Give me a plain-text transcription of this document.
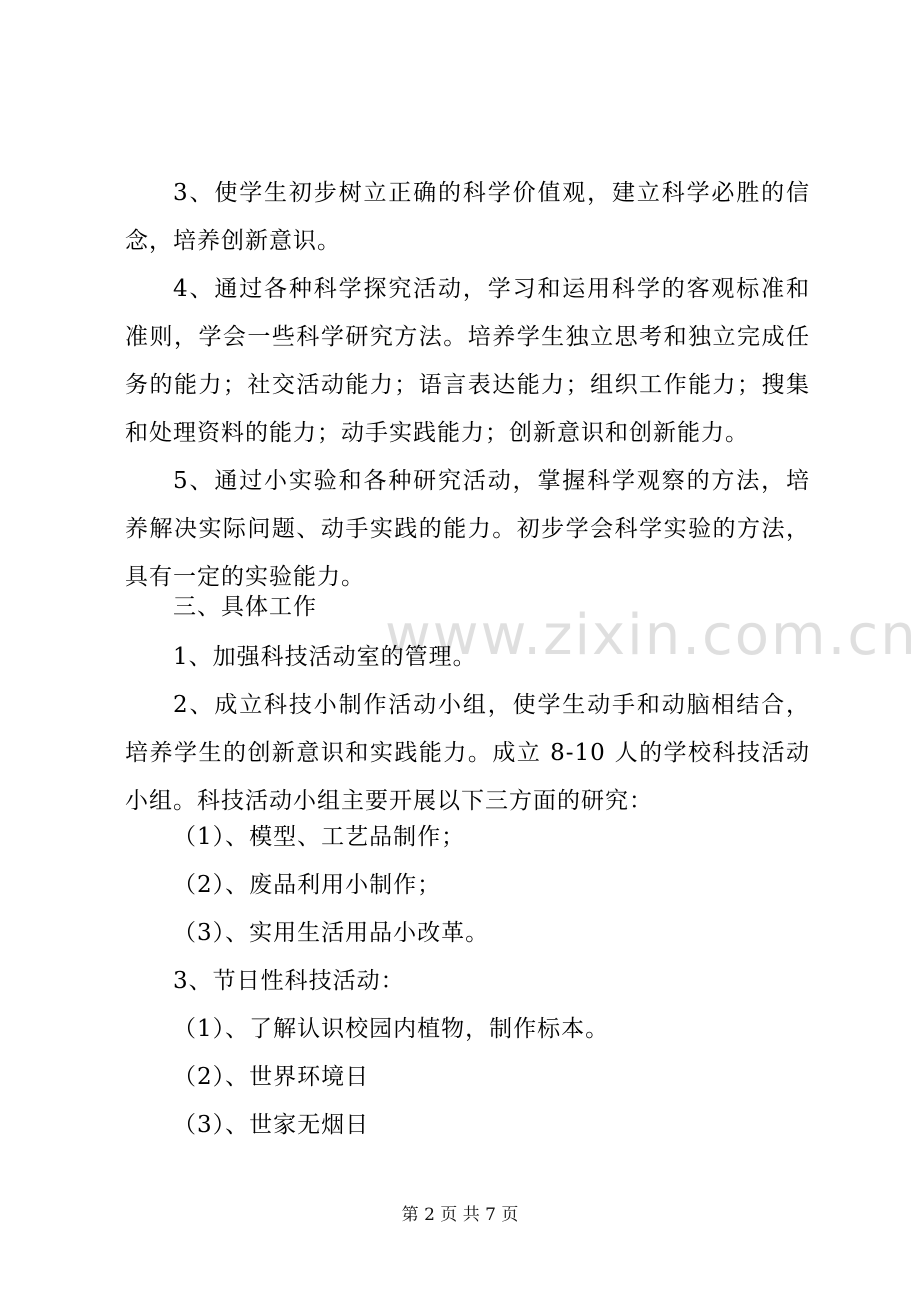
3、使学生初步树立正确的科学价值观，建立科学必胜的信念，培养创新意识。

4、通过各种科学探究活动，学习和运用科学的客观标准和准则，学会一些科学研究方法。培养学生独立思考和独立完成任务的能力；社交活动能力；语言表达能力；组织工作能力；搜集和处理资料的能力；动手实践能力；创新意识和创新能力。

5、通过小实验和各种研究活动，掌握科学观察的方法，培养解决实际问题、动手实践的能力。初步学会科学实验的方法，具有一定的实验能力。

三、具体工作

1、加强科技活动室的管理。

2、成立科技小制作活动小组，使学生动手和动脑相结合，培养学生的创新意识和实践能力。成立 8-10 人的学校科技活动小组。科技活动小组主要开展以下三方面的研究：

（1）、模型、工艺品制作；

（2）、废品利用小制作；

（3）、实用生活用品小改革。

3、节日性科技活动：

（1）、了解认识校园内植物，制作标本。

（2）、世界环境日

（3）、世家无烟日

www.zixin.com.cn
第 2 页 共 7 页
